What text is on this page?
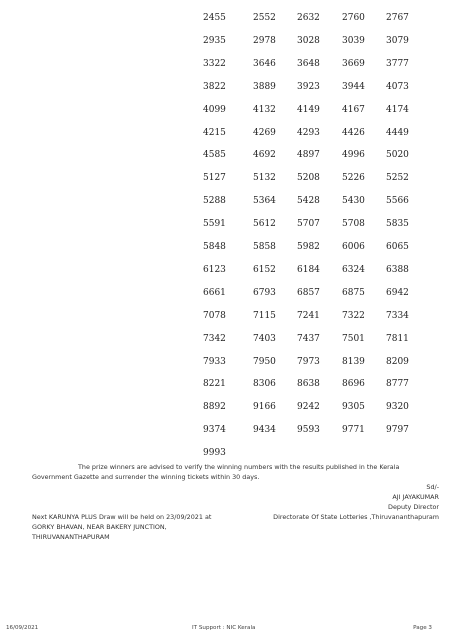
2455	2552 2632 2760 2767
2935	2978 3028 3039 3079
3322	3646 3648 3669 3777
3822	3889 3923 3944 4073
4099	4132 4149 4167 4174
4215	4269 4293 4426 4449
4585	4692 4897 4996 5020
5127	5132 5208 5226 5252
5288	5364 5428 5430 5566
5591	5612 5707 5708 5835
5848	5858 5982 6006 6065
6123	6152 6184 6324 6388
6661	6793 6857 6875 6942
7078	7115 7241 7322 7334
7342	7403 7437 7501 7811
7933	7950 7973 8139 8209
8221	8306 8638 8696 8777
8892	9166 9242 9305 9320
9374	9434 9593 9771 9797
9993
The prize winners are advised to verify the winning numbers with the results published in the Kerala
Government Gazette and surrender the winning tickets within 30 days.
Sd/-
AJI JAYAKUMAR
Deputy Director
Directorate Of State Lotteries ,Thiruvananthapuram
Next KARUNYA PLUS Draw will be held on 23/09/2021 at
GORKY BHAVAN, NEAR BAKERY JUNCTION,
THIRUVANANTHAPURAM
16/09/2021	IT Support : NIC Kerala	Page 3
